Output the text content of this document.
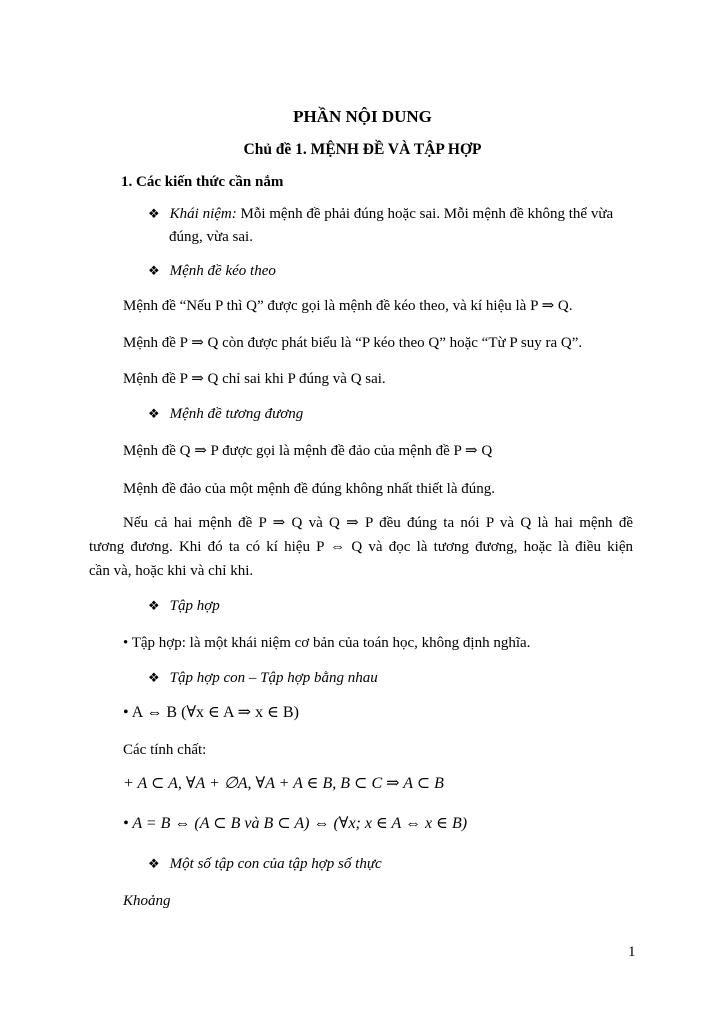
PHẦN NỘI DUNG
Chủ đề 1. MỆNH ĐỀ VÀ TẬP HỢP
1. Các kiến thức cần nắm
❖ Khái niệm: Mỗi mệnh đề phải đúng hoặc sai. Mỗi mệnh đề không thể vừa
đúng, vừa sai.
❖ Mệnh đề kéo theo
Mệnh đề “Nếu P thì Q” được gọi là mệnh đề kéo theo, và kí hiệu là P ⇒ Q.
Mệnh đề P ⇒ Q còn được phát biểu là “P kéo theo Q” hoặc “Từ P suy ra Q”.
Mệnh đề P ⇒ Q chỉ sai khi P đúng và Q sai.
❖ Mệnh đề tương đương
Mệnh đề Q ⇒ P được gọi là mệnh đề đảo của mệnh đề P ⇒ Q
Mệnh đề đảo của một mệnh đề đúng không nhất thiết là đúng.
Nếu cả hai mệnh đề P ⇒ Q và Q ⇒ P đều đúng ta nói P và Q là hai mệnh đề
tương đương. Khi đó ta có kí hiệu P ⇔ Q và đọc là tương đương, hoặc là điều kiện
cần và, hoặc khi và chỉ khi.
❖ Tập hợp
• Tập hợp: là một khái niệm cơ bản của toán học, không định nghĩa.
❖ Tập hợp con – Tập hợp bằng nhau
• A ⇔ B (∀x ∈ A ⇒ x ∈ B)
Các tính chất:
+ A ⊂ A, ∀A + ∅A, ∀A + A ∈ B, B ⊂ C ⇒ A ⊂ B
• A = B ⇔ (A ⊂ B và B ⊂ A) ⇔ (∀x; x ∈ A ⇔ x ∈ B)
❖ Một số tập con của tập hợp số thực
Khoảng
1
